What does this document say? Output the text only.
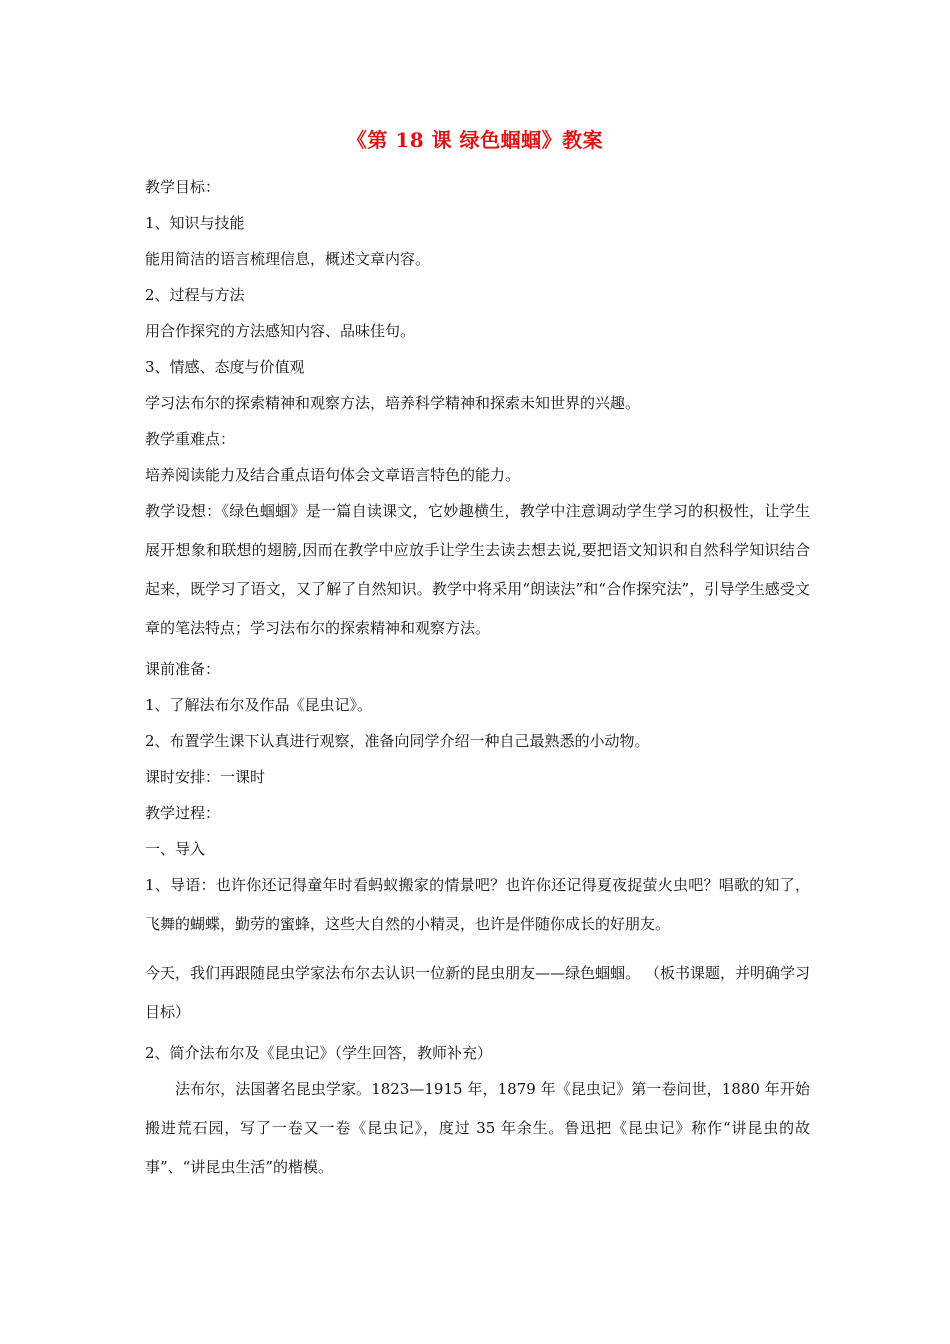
《第 18 课 绿色蝈蝈》教案
教学目标：
1、知识与技能
能用简洁的语言梳理信息，概述文章内容。
2、过程与方法
用合作探究的方法感知内容、品味佳句。
3、情感、态度与价值观
学习法布尔的探索精神和观察方法，培养科学精神和探索未知世界的兴趣。
教学重难点：
培养阅读能力及结合重点语句体会文章语言特色的能力。
教学设想：《绿色蝈蝈》是一篇自读课文，它妙趣横生，教学中注意调动学生学习的积极性，让学生展开想象和联想的翅膀,因而在教学中应放手让学生去读去想去说,要把语文知识和自然科学知识结合起来，既学习了语文，又了解了自然知识。教学中将采用“朗读法”和“合作探究法”，引导学生感受文章的笔法特点；学习法布尔的探索精神和观察方法。
课前准备：
1、了解法布尔及作品《昆虫记》。
2、布置学生课下认真进行观察，准备向同学介绍一种自己最熟悉的小动物。
课时安排：一课时
教学过程：
一、导入
1、导语：也许你还记得童年时看蚂蚁搬家的情景吧？也许你还记得夏夜捉萤火虫吧？唱歌的知了，飞舞的蝴蝶，勤劳的蜜蜂，这些大自然的小精灵，也许是伴随你成长的好朋友。
今天，我们再跟随昆虫学家法布尔去认识一位新的昆虫朋友——绿色蝈蝈。 （板书课题，并明确学习目标）
2、简介法布尔及《昆虫记》（学生回答，教师补充）
法布尔，法国著名昆虫学家。1823—1915 年，1879 年《昆虫记》第一卷问世，1880 年开始搬进荒石园，写了一卷又一卷《昆虫记》，度过 35 年余生。鲁迅把《昆虫记》称作“讲昆虫的故事”、“讲昆虫生活”的楷模。
